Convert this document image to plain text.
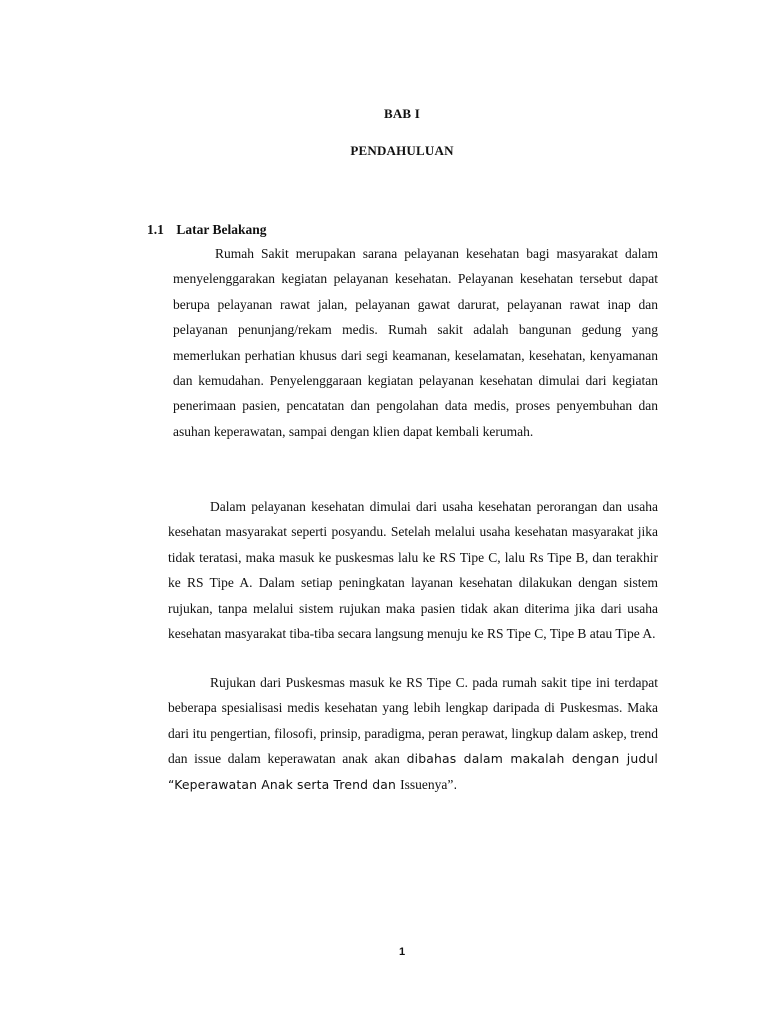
BAB I
PENDAHULUAN
1.1 Latar Belakang

Rumah Sakit merupakan sarana pelayanan kesehatan bagi masyarakat dalam menyelenggarakan kegiatan pelayanan kesehatan. Pelayanan kesehatan tersebut dapat berupa pelayanan rawat jalan, pelayanan gawat darurat, pelayanan rawat inap dan pelayanan penunjang/rekam medis. Rumah sakit adalah bangunan gedung yang memerlukan perhatian khusus dari segi keamanan, keselamatan, kesehatan, kenyamanan dan kemudahan. Penyelenggaraan kegiatan pelayanan kesehatan dimulai dari kegiatan penerimaan pasien, pencatatan dan pengolahan data medis, proses penyembuhan dan asuhan keperawatan, sampai dengan klien dapat kembali kerumah.

Dalam pelayanan kesehatan dimulai dari usaha kesehatan perorangan dan usaha kesehatan masyarakat seperti posyandu. Setelah melalui usaha kesehatan masyarakat jika tidak teratasi, maka masuk ke puskesmas lalu ke RS Tipe C, lalu Rs Tipe B, dan terakhir ke RS Tipe A. Dalam setiap peningkatan layanan kesehatan dilakukan dengan sistem rujukan, tanpa melalui sistem rujukan maka pasien tidak akan diterima jika dari usaha kesehatan masyarakat tiba-tiba secara langsung menuju ke RS Tipe C, Tipe B atau Tipe A.

Rujukan dari Puskesmas masuk ke RS Tipe C. pada rumah sakit tipe ini terdapat beberapa spesialisasi medis kesehatan yang lebih lengkap daripada di Puskesmas. Maka dari itu pengertian, filosofi, prinsip, paradigma, peran perawat, lingkup dalam askep, trend dan issue dalam keperawatan anak akan dibahas dalam makalah dengan judul “Keperawatan Anak serta Trend dan Issuenya”.

1
